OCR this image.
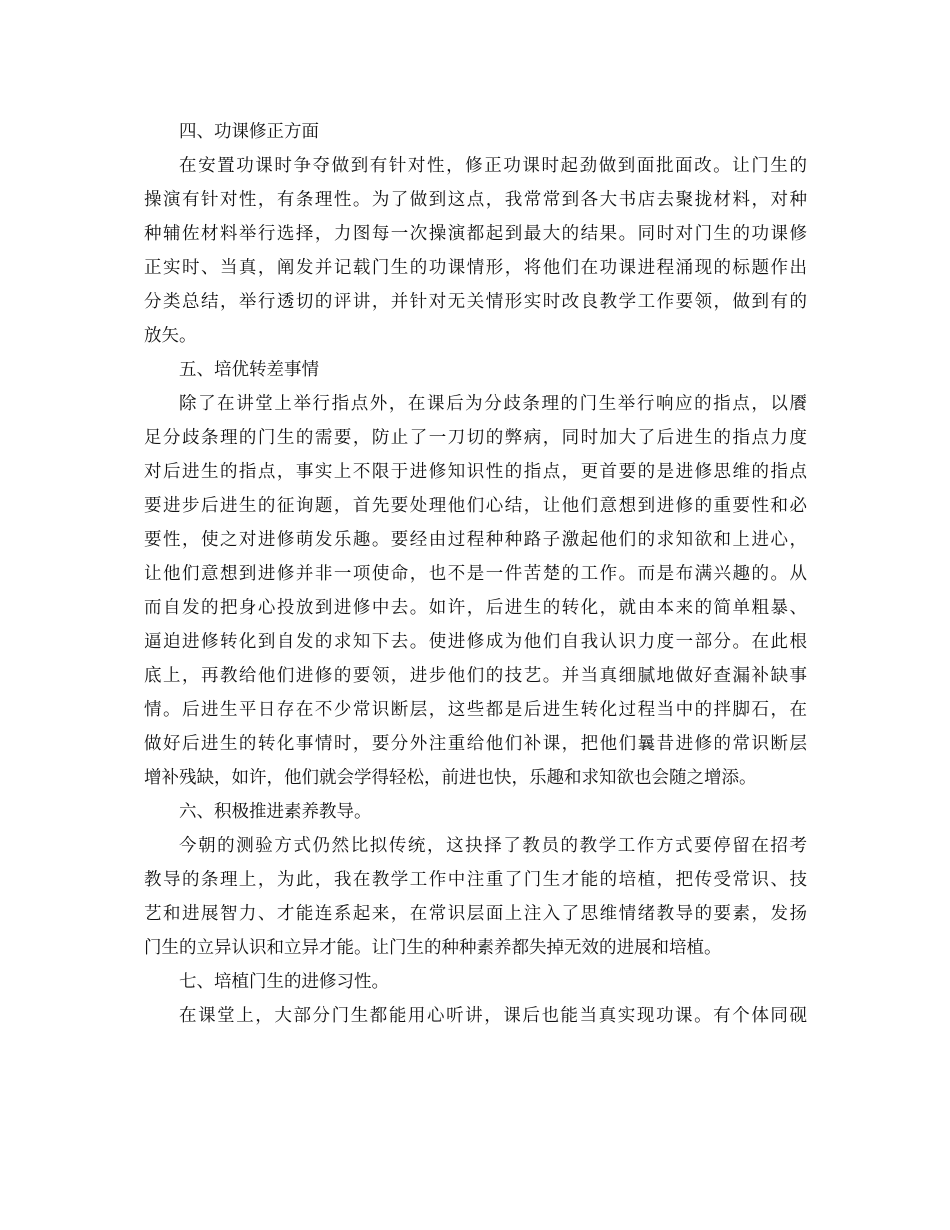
四、功课修正方面
在安置功课时争夺做到有针对性，修正功课时起劲做到面批面改。让门生的
操演有针对性，有条理性。为了做到这点，我常常到各大书店去聚拢材料，对种
种辅佐材料举行选择，力图每一次操演都起到最大的结果。同时对门生的功课修
正实时、当真，阐发并记载门生的功课情形，将他们在功课进程涌现的标题作出
分类总结，举行透切的评讲，并针对无关情形实时改良教学工作要领，做到有的
放矢。
五、培优转差事情
除了在讲堂上举行指点外，在课后为分歧条理的门生举行响应的指点，以餍
足分歧条理的门生的需要，防止了一刀切的弊病，同时加大了后进生的指点力度
对后进生的指点，事实上不限于进修知识性的指点，更首要的是进修思维的指点
要进步后进生的征询题，首先要处理他们心结，让他们意想到进修的重要性和必
要性，使之对进修萌发乐趣。要经由过程种种路子激起他们的求知欲和上进心，
让他们意想到进修并非一项使命，也不是一件苦楚的工作。而是布满兴趣的。从
而自发的把身心投放到进修中去。如许，后进生的转化，就由本来的简单粗暴、
逼迫进修转化到自发的求知下去。使进修成为他们自我认识力度一部分。在此根
底上，再教给他们进修的要领，进步他们的技艺。并当真细腻地做好查漏补缺事
情。后进生平日存在不少常识断层，这些都是后进生转化过程当中的拌脚石，在
做好后进生的转化事情时，要分外注重给他们补课，把他们曩昔进修的常识断层
增补残缺，如许，他们就会学得轻松，前进也快，乐趣和求知欲也会随之增添。
六、积极推进素养教导。
今朝的测验方式仍然比拟传统，这抉择了教员的教学工作方式要停留在招考
教导的条理上，为此，我在教学工作中注重了门生才能的培植，把传受常识、技
艺和进展智力、才能连系起来，在常识层面上注入了思维情绪教导的要素，发扬
门生的立异认识和立异才能。让门生的种种素养都失掉无效的进展和培植。
七、培植门生的进修习性。
在课堂上，大部分门生都能用心听讲，课后也能当真实现功课。有个体同砚
